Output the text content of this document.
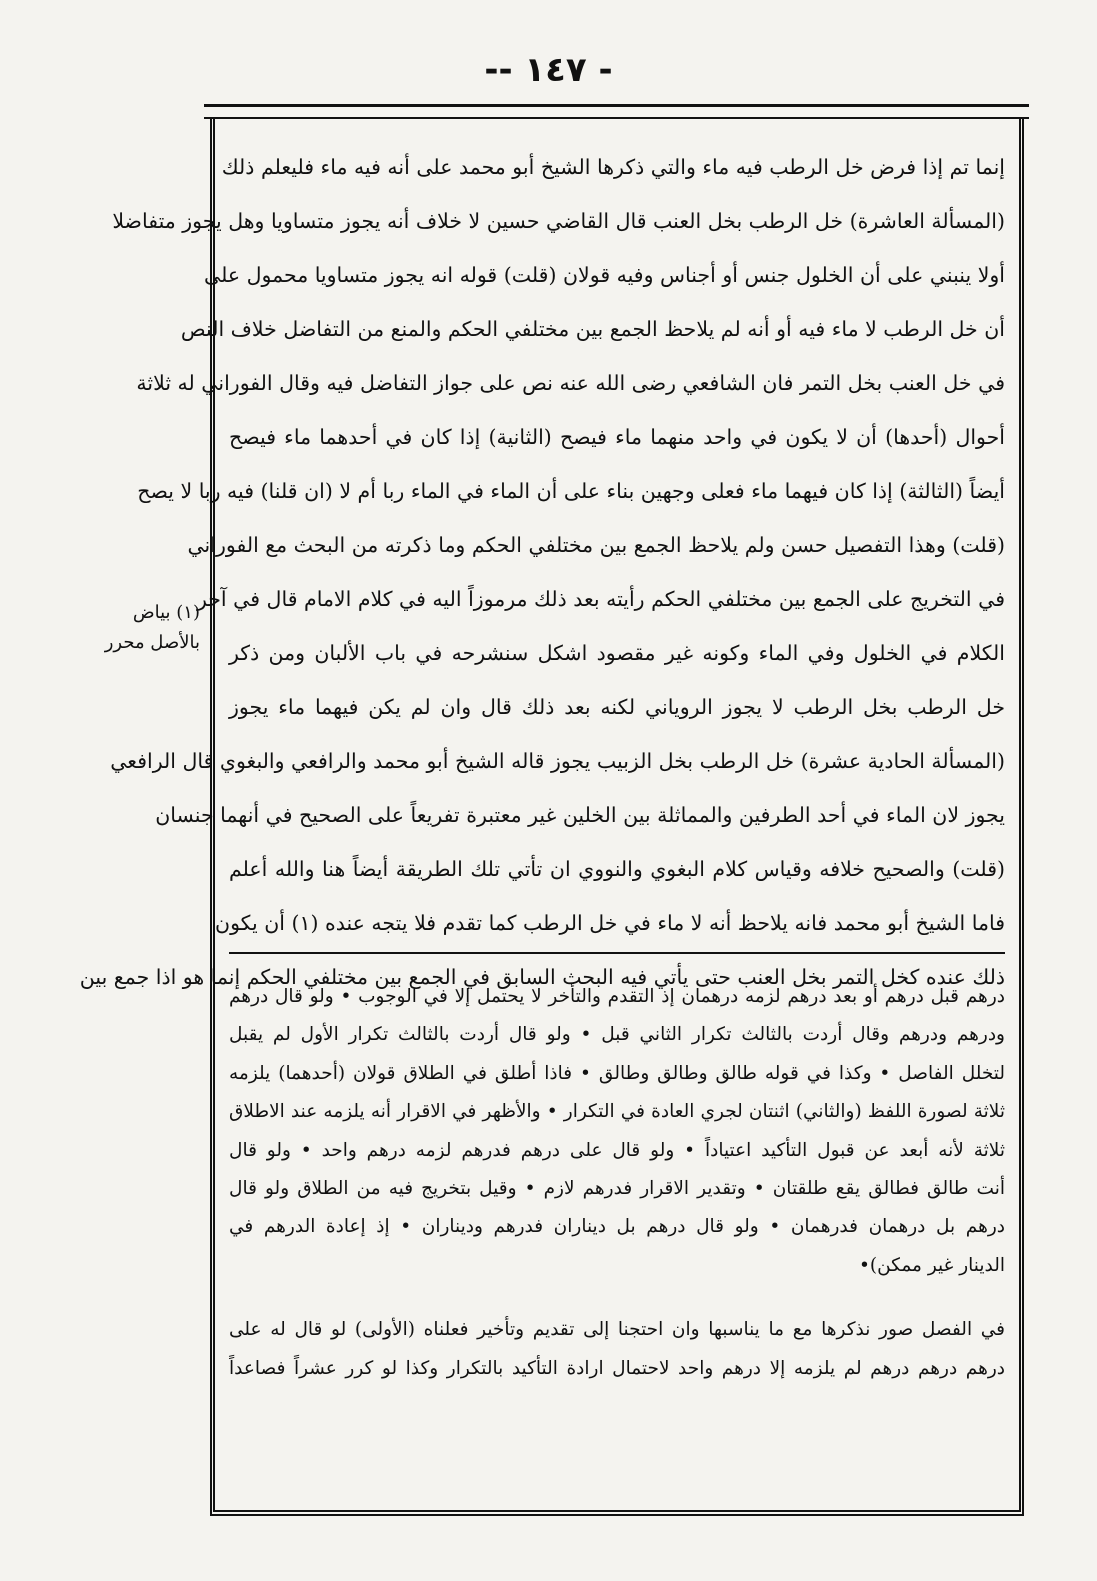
-- ١٤٧ -
(١) بياض
بالأصل محرر
إنما تم إذا فرض خل الرطب فيه ماء والتي ذكرها الشيخ أبو محمد على أنه فيه ماء فليعلم ذلك
(المسألة العاشرة) خل الرطب بخل العنب قال القاضي حسين لا خلاف أنه يجوز متساويا وهل يجوز متفاضلا
أولا ينبني على أن الخلول جنس أو أجناس وفيه قولان (قلت) قوله انه يجوز متساويا محمول على
أن خل الرطب لا ماء فيه أو أنه لم يلاحظ الجمع بين مختلفي الحكم والمنع من التفاضل خلاف النص
في خل العنب بخل التمر فان الشافعي رضى الله عنه نص على جواز التفاضل فيه وقال الفوراني له ثلاثة
أحوال (أحدها) أن لا يكون في واحد منهما ماء فيصح (الثانية) إذا كان في أحدهما ماء فيصح
أيضاً (الثالثة) إذا كان فيهما ماء فعلى وجهين بناء على أن الماء في الماء ربا أم لا (ان قلنا) فيه ربا لا يصح
(قلت) وهذا التفصيل حسن ولم يلاحظ الجمع بين مختلفي الحكم وما ذكرته من البحث مع الفوراني
في التخريج على الجمع بين مختلفي الحكم رأيته بعد ذلك مرموزاً اليه في كلام الامام قال في آخر
الكلام في الخلول وفي الماء وكونه غير مقصود اشكل سنشرحه في باب الألبان ومن ذكر
خل الرطب بخل الرطب لا يجوز الروياني لكنه بعد ذلك قال وان لم يكن فيهما ماء يجوز
(المسألة الحادية عشرة) خل الرطب بخل الزبيب يجوز قاله الشيخ أبو محمد والرافعي والبغوي قال الرافعي
يجوز لان الماء في أحد الطرفين والمماثلة بين الخلين غير معتبرة تفريعاً على الصحيح في أنهما جنسان
(قلت) والصحيح خلافه وقياس كلام البغوي والنووي ان تأتي تلك الطريقة أيضاً هنا والله أعلم
فاما الشيخ أبو محمد فانه يلاحظ أنه لا ماء في خل الرطب كما تقدم فلا يتجه عنده (١) أن يكون
ذلك عنده كخل التمر بخل العنب حتى يأتي فيه البحث السابق في الجمع بين مختلفي الحكم إنما هو اذا جمع بين
درهم قبل درهم أو بعد درهم لزمه درهمان إذ التقدم والتأخر لا يحتمل إلا في الوجوب • ولو قال درهم
ودرهم ودرهم وقال أردت بالثالث تكرار الثاني قبل • ولو قال أردت بالثالث تكرار الأول لم يقبل
لتخلل الفاصل • وكذا في قوله طالق وطالق وطالق • فاذا أطلق في الطلاق قولان (أحدهما) يلزمه
ثلاثة لصورة اللفظ (والثاني) اثنتان لجري العادة في التكرار • والأظهر في الاقرار أنه يلزمه عند الاطلاق
ثلاثة لأنه أبعد عن قبول التأكيد اعتياداً • ولو قال على درهم فدرهم لزمه درهم واحد • ولو قال
أنت طالق فطالق يقع طلقتان • وتقدير الاقرار فدرهم لازم • وقيل بتخريج فيه من الطلاق ولو قال
درهم بل درهمان فدرهمان • ولو قال درهم بل ديناران فدرهم وديناران • إذ إعادة الدرهم في
الدينار غير ممكن)•
في الفصل صور نذكرها مع ما يناسبها وان احتجنا إلى تقديم وتأخير فعلناه (الأولى) لو قال له على
درهم درهم درهم لم يلزمه إلا درهم واحد لاحتمال ارادة التأكيد بالتكرار وكذا لو كرر عشراً فصاعداً
